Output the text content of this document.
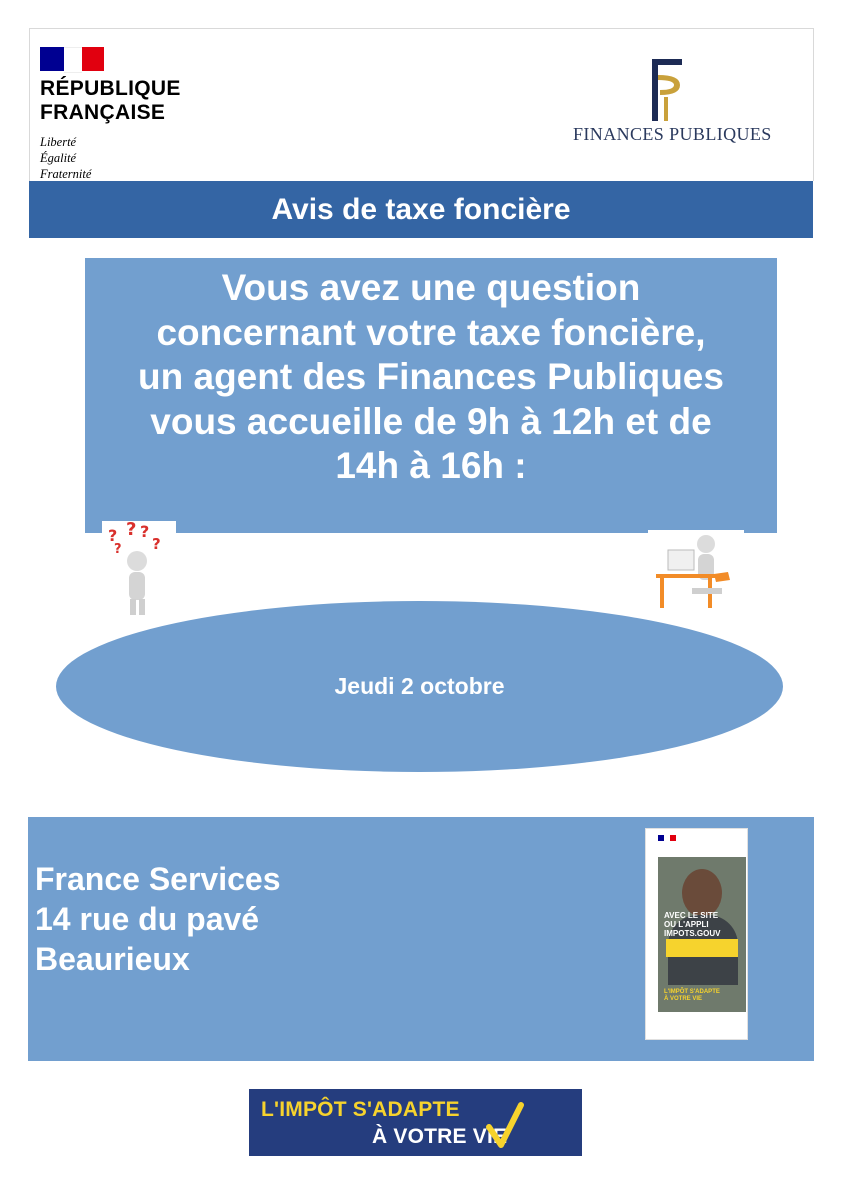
RÉPUBLIQUE
FRANÇAISE
Liberté
Égalité
Fraternité
FINANCES PUBLIQUES
Avis de taxe foncière
Vous avez une question
concernant votre taxe foncière,
un agent des Finances Publiques
vous accueille de 9h à 12h et de
14h à 16h :
? ? ?
?
?
Jeudi 2 octobre
France Services
14 rue du pavé
Beaurieux
AVEC LE SITE
OU L'APPLI
IMPOTS.GOUV
L'IMPÔT S'ADAPTE
À VOTRE VIE
L'IMPÔT S'ADAPTE
À VOTRE VIE
